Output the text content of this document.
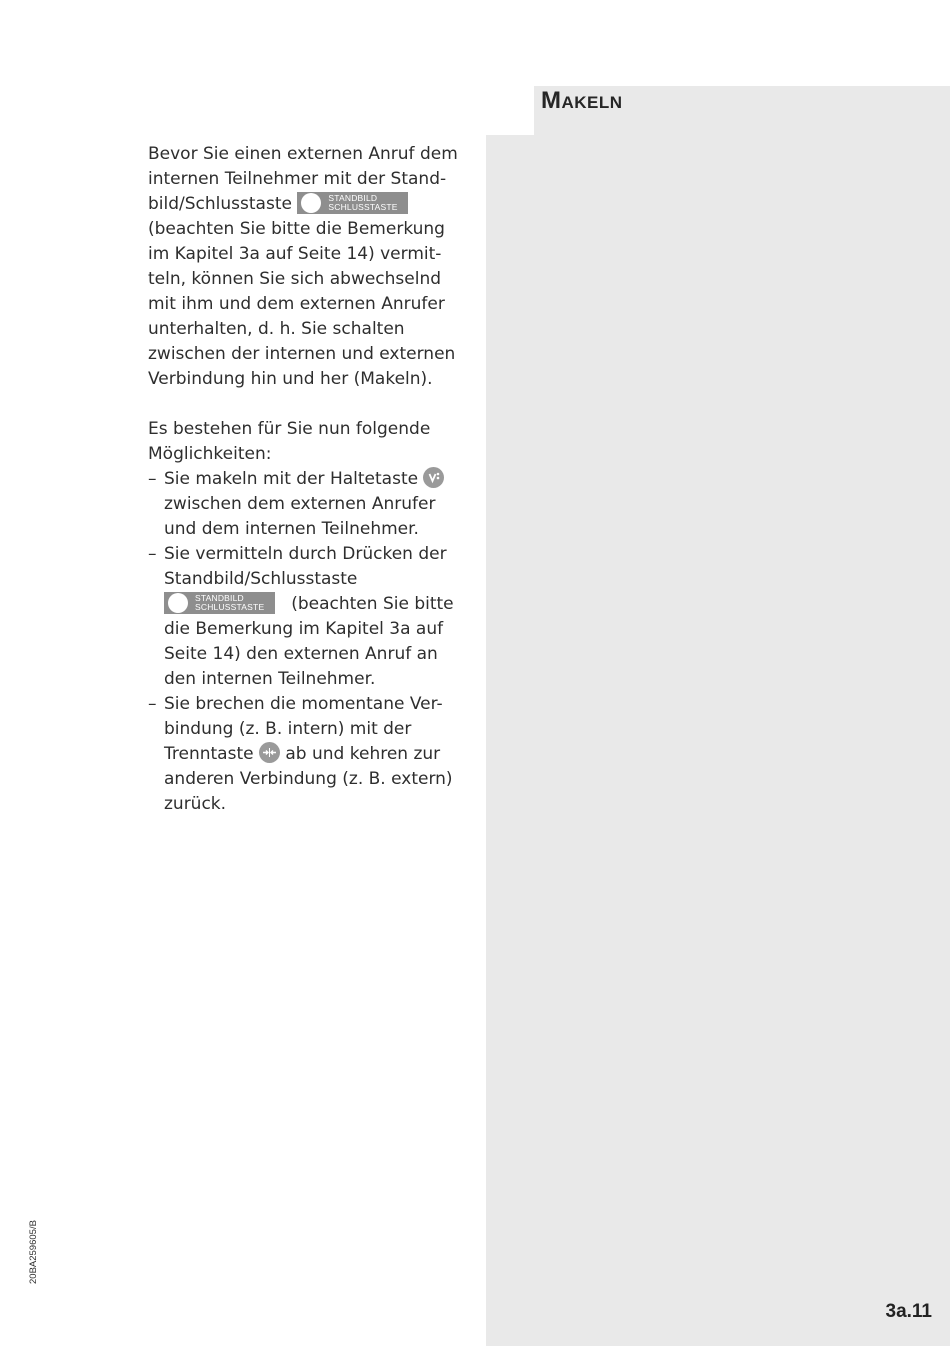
Makeln
Bevor Sie einen externen Anruf dem
internen Teilnehmer mit der Stand-
bild/Schlusstaste	STANDBILD
SCHLUSSTASTE
(beachten Sie bitte die Bemerkung
im Kapitel 3a auf Seite 14) vermit-
teln, können Sie sich abwechselnd
mit ihm und dem externen Anrufer
unterhalten, d. h. Sie schalten
zwischen der internen und externen
Verbindung hin und her (Makeln).
Es bestehen für Sie nun folgende
Möglichkeiten:
– Sie makeln mit der Haltetaste
zwischen dem externen Anrufer
und dem internen Teilnehmer.
– Sie vermitteln durch Drücken der
Standbild/Schlusstaste
STANDBILD
SCHLUSSTASTE (beachten Sie bitte
die Bemerkung im Kapitel 3a auf
Seite 14) den externen Anruf an
den internen Teilnehmer.
– Sie brechen die momentane Ver-
bindung (z. B. intern) mit der
Trenntaste ab und kehren zur
anderen Verbindung (z. B. extern)
zurück.
20BA259605/B
3a.11
